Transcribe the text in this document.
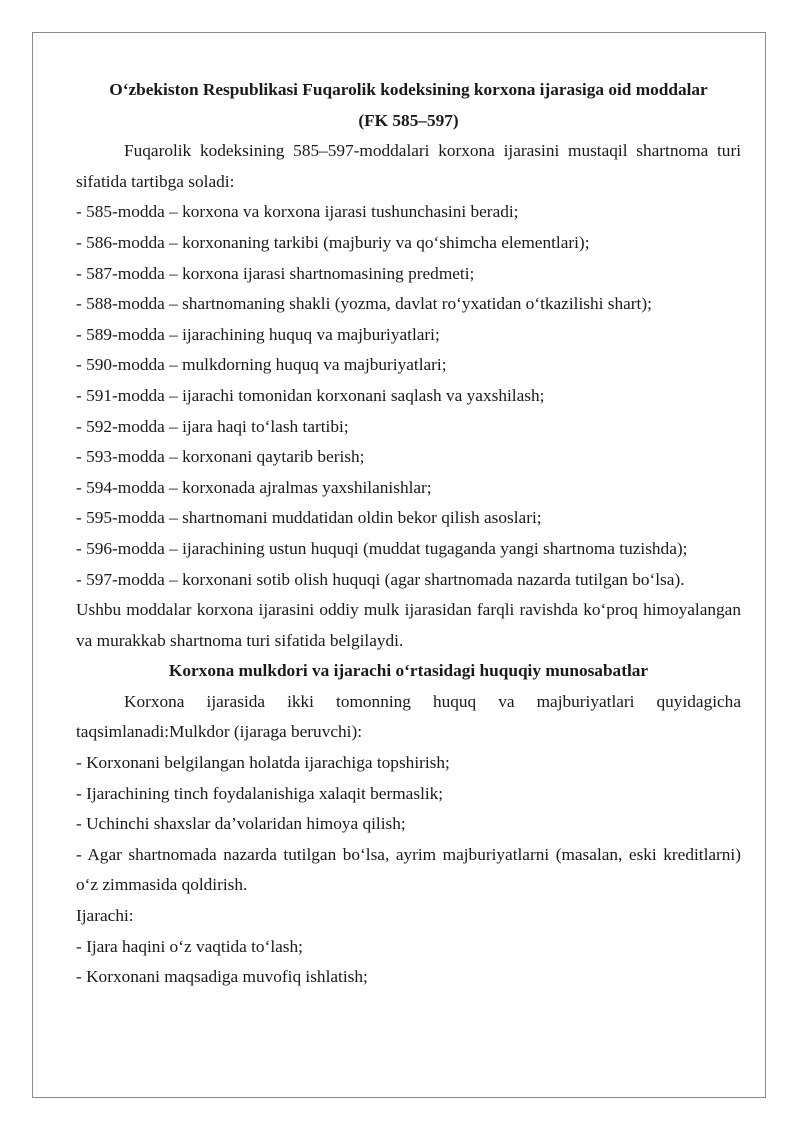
O‘zbekiston Respublikasi Fuqarolik kodeksining korxona ijarasiga oid moddalar

(FK 585–597)

Fuqarolik kodeksining 585–597-moddalari korxona ijarasini mustaqil shartnoma turi sifatida tartibga soladi:

- 585-modda – korxona va korxona ijarasi tushunchasini beradi;

- 586-modda – korxonaning tarkibi (majburiy va qo‘shimcha elementlari);

- 587-modda – korxona ijarasi shartnomasining predmeti;

- 588-modda – shartnomaning shakli (yozma, davlat ro‘yxatidan o‘tkazilishi shart);

- 589-modda – ijarachining huquq va majburiyatlari;

- 590-modda – mulkdorning huquq va majburiyatlari;

- 591-modda – ijarachi tomonidan korxonani saqlash va yaxshilash;

- 592-modda – ijara haqi to‘lash tartibi;

- 593-modda – korxonani qaytarib berish;

- 594-modda – korxonada ajralmas yaxshilanishlar;

- 595-modda – shartnomani muddatidan oldin bekor qilish asoslari;

- 596-modda – ijarachining ustun huquqi (muddat tugaganda yangi shartnoma tuzishda);

- 597-modda – korxonani sotib olish huquqi (agar shartnomada nazarda tutilgan bo‘lsa).

Ushbu moddalar korxona ijarasini oddiy mulk ijarasidan farqli ravishda ko‘proq himoyalangan va murakkab shartnoma turi sifatida belgilaydi.

Korxona mulkdori va ijarachi o‘rtasidagi huquqiy munosabatlar

Korxona ijarasida ikki tomonning huquq va majburiyatlari quyidagicha taqsimlanadi:Mulkdor (ijaraga beruvchi):

- Korxonani belgilangan holatda ijarachiga topshirish;

- Ijarachining tinch foydalanishiga xalaqit bermaslik;

- Uchinchi shaxslar da’volaridan himoya qilish;

- Agar shartnomada nazarda tutilgan bo‘lsa, ayrim majburiyatlarni (masalan, eski kreditlarni) o‘z zimmasida qoldirish.

Ijarachi:

- Ijara haqini o‘z vaqtida to‘lash;

- Korxonani maqsadiga muvofiq ishlatish;
